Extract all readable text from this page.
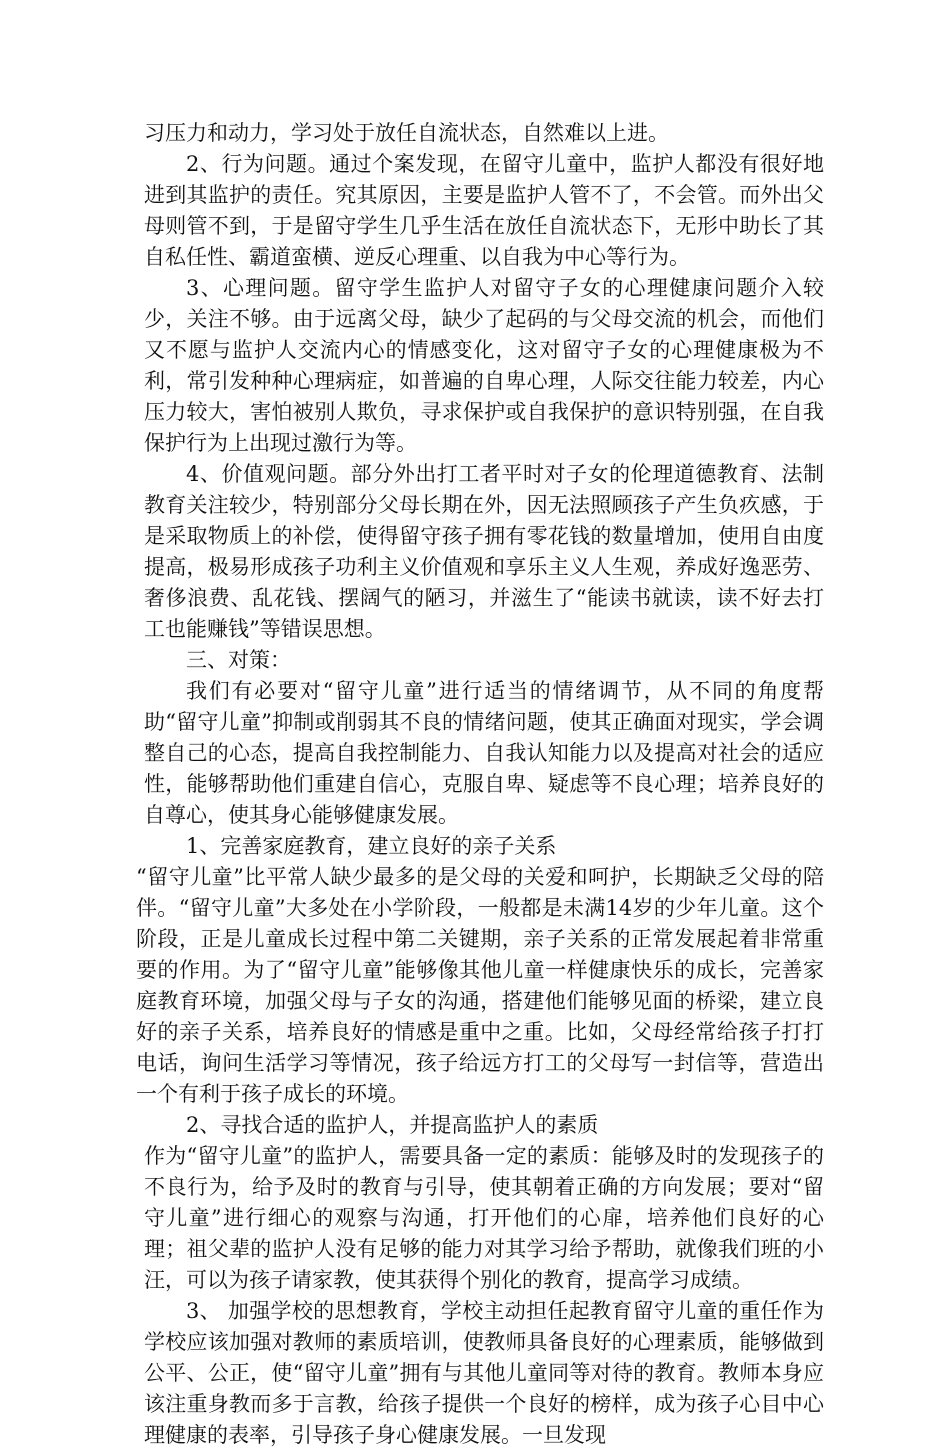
习压力和动力，学习处于放任自流状态，自然难以上进。

2、行为问题。通过个案发现，在留守儿童中，监护人都没有很好地进到其监护的责任。究其原因，主要是监护人管不了，不会管。而外出父母则管不到，于是留守学生几乎生活在放任自流状态下，无形中助长了其自私任性、霸道蛮横、逆反心理重、以自我为中心等行为。

3、心理问题。留守学生监护人对留守子女的心理健康问题介入较少，关注不够。由于远离父母，缺少了起码的与父母交流的机会，而他们又不愿与监护人交流内心的情感变化，这对留守子女的心理健康极为不利，常引发种种心理病症，如普遍的自卑心理，人际交往能力较差，内心压力较大，害怕被别人欺负，寻求保护或自我保护的意识特别强，在自我保护行为上出现过激行为等。

4、价值观问题。部分外出打工者平时对子女的伦理道德教育、法制教育关注较少，特别部分父母长期在外，因无法照顾孩子产生负疚感，于是采取物质上的补偿，使得留守孩子拥有零花钱的数量增加，使用自由度提高，极易形成孩子功利主义价值观和享乐主义人生观，养成好逸恶劳、奢侈浪费、乱花钱、摆阔气的陋习，并滋生了“能读书就读，读不好去打工也能赚钱”等错误思想。

三、对策：

我们有必要对“留守儿童”进行适当的情绪调节，从不同的角度帮助“留守儿童”抑制或削弱其不良的情绪问题，使其正确面对现实，学会调整自己的心态，提高自我控制能力、自我认知能力以及提高对社会的适应性，能够帮助他们重建自信心，克服自卑、疑虑等不良心理；培养良好的自尊心，使其身心能够健康发展。

1、完善家庭教育，建立良好的亲子关系

“留守儿童”比平常人缺少最多的是父母的关爱和呵护，长期缺乏父母的陪伴。“留守儿童”大多处在小学阶段，一般都是未满14岁的少年儿童。这个阶段，正是儿童成长过程中第二关键期，亲子关系的正常发展起着非常重要的作用。为了“留守儿童”能够像其他儿童一样健康快乐的成长，完善家庭教育环境，加强父母与子女的沟通，搭建他们能够见面的桥梁，建立良好的亲子关系，培养良好的情感是重中之重。比如，父母经常给孩子打打电话，询问生活学习等情况，孩子给远方打工的父母写一封信等，营造出一个有利于孩子成长的环境。

2、寻找合适的监护人，并提高监护人的素质

作为“留守儿童”的监护人，需要具备一定的素质：能够及时的发现孩子的不良行为，给予及时的教育与引导，使其朝着正确的方向发展；要对“留守儿童”进行细心的观察与沟通，打开他们的心扉，培养他们良好的心理；祖父辈的监护人没有足够的能力对其学习给予帮助，就像我们班的小汪，可以为孩子请家教，使其获得个别化的教育，提高学习成绩。

3、 加强学校的思想教育，学校主动担任起教育留守儿童的重任作为学校应该加强对教师的素质培训，使教师具备良好的心理素质，能够做到公平、公正，使“留守儿童”拥有与其他儿童同等对待的教育。教师本身应该注重身教而多于言教，给孩子提供一个良好的榜样，成为孩子心目中心理健康的表率，引导孩子身心健康发展。一旦发现
